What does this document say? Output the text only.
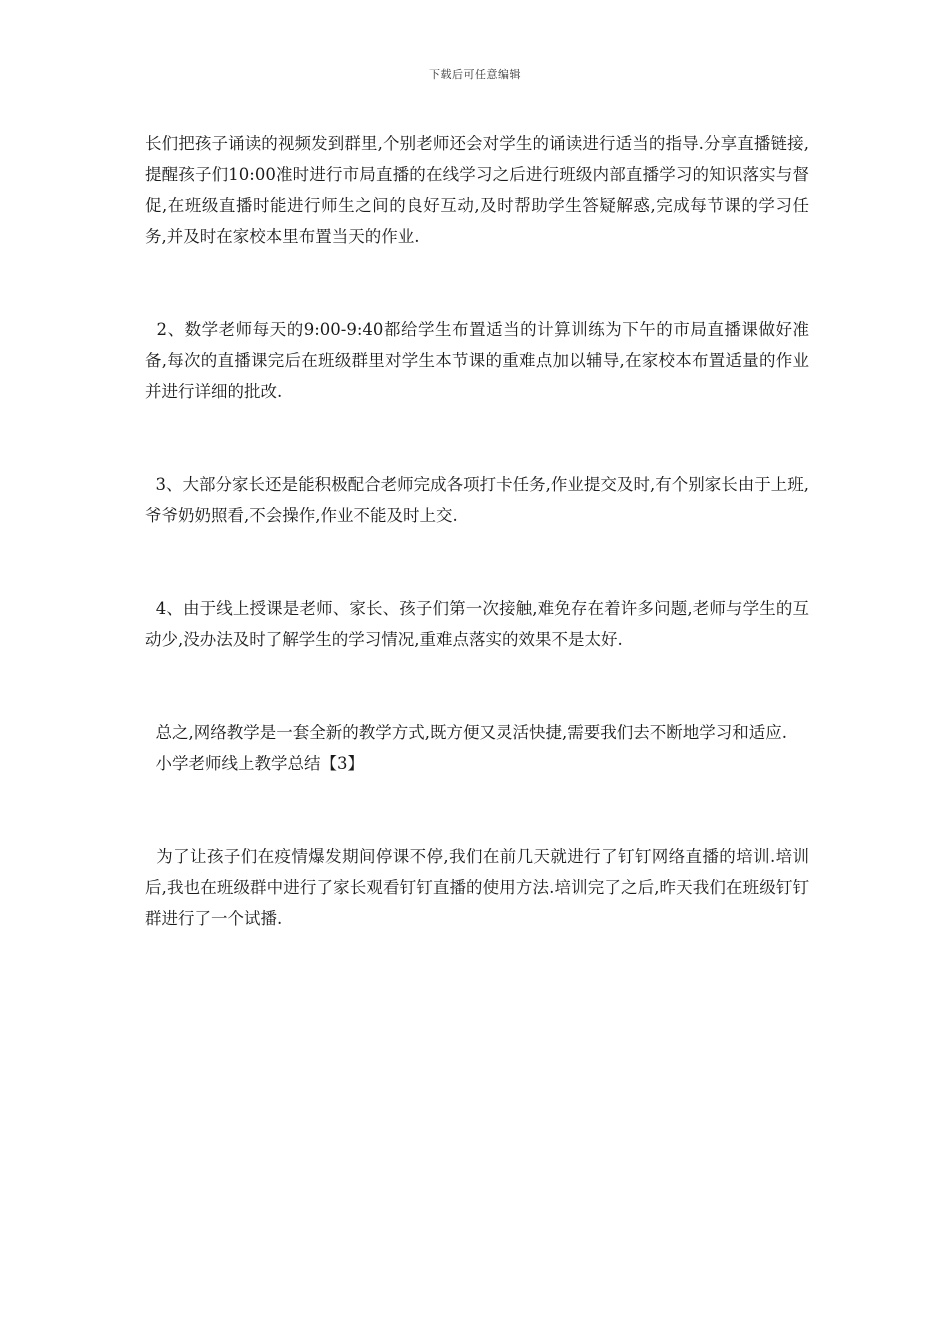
下载后可任意编辑

长们把孩子诵读的视频发到群里,个别老师还会对学生的诵读进行适当的指导.分享直播链接,提醒孩子们10:00准时进行市局直播的在线学习之后进行班级内部直播学习的知识落实与督促,在班级直播时能进行师生之间的良好互动,及时帮助学生答疑解惑,完成每节课的学习任务,并及时在家校本里布置当天的作业.

2、数学老师每天的9:00-9:40都给学生布置适当的计算训练为下午的市局直播课做好准备,每次的直播课完后在班级群里对学生本节课的重难点加以辅导,在家校本布置适量的作业并进行详细的批改.

3、大部分家长还是能积极配合老师完成各项打卡任务,作业提交及时,有个别家长由于上班,爷爷奶奶照看,不会操作,作业不能及时上交.

4、由于线上授课是老师、家长、孩子们第一次接触,难免存在着许多问题,老师与学生的互动少,没办法及时了解学生的学习情况,重难点落实的效果不是太好.

总之,网络教学是一套全新的教学方式,既方便又灵活快捷,需要我们去不断地学习和适应.

小学老师线上教学总结【3】

为了让孩子们在疫情爆发期间停课不停,我们在前几天就进行了钉钉网络直播的培训.培训后,我也在班级群中进行了家长观看钉钉直播的使用方法.培训完了之后,昨天我们在班级钉钉群进行了一个试播.
